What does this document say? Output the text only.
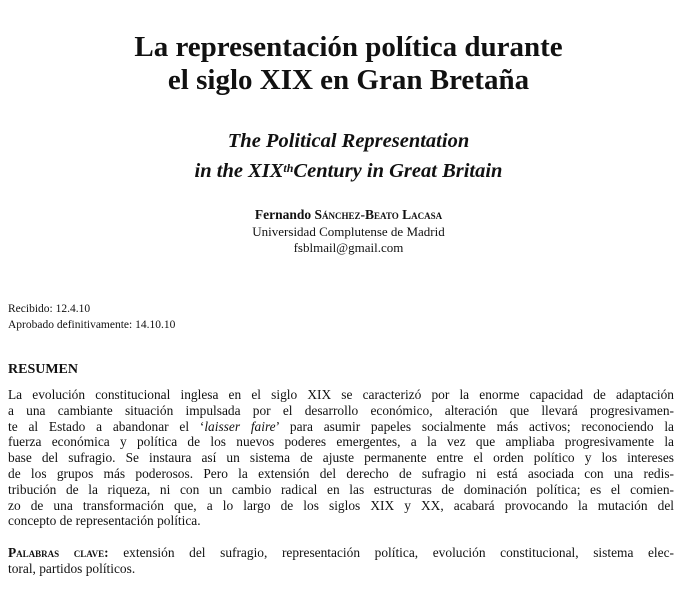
La representación política durante
el siglo XIX en Gran Bretaña
The Political Representation
in the XIXthCentury in Great Britain
Fernando Sánchez-Beato Lacasa
Universidad Complutense de Madrid
fsblmail@gmail.com
Recibido: 12.4.10
Aprobado definitivamente: 14.10.10
RESUMEN
La evolución constitucional inglesa en el siglo XIX se caracterizó por la enorme capacidad de adaptación
a una cambiante situación impulsada por el desarrollo económico, alteración que llevará progresivamen-
te al Estado a abandonar el ‘laisser faire’ para asumir papeles socialmente más activos; reconociendo la
fuerza económica y política de los nuevos poderes emergentes, a la vez que ampliaba progresivamente la
base del sufragio. Se instaura así un sistema de ajuste permanente entre el orden político y los intereses
de los grupos más poderosos. Pero la extensión del derecho de sufragio ni está asociada con una redis-
tribución de la riqueza, ni con un cambio radical en las estructuras de dominación política; es el comien-
zo de una transformación que, a lo largo de los siglos XIX y XX, acabará provocando la mutación del
concepto de representación política.
Palabras clave: extensión del sufragio, representación política, evolución constitucional, sistema elec-
toral, partidos políticos.
